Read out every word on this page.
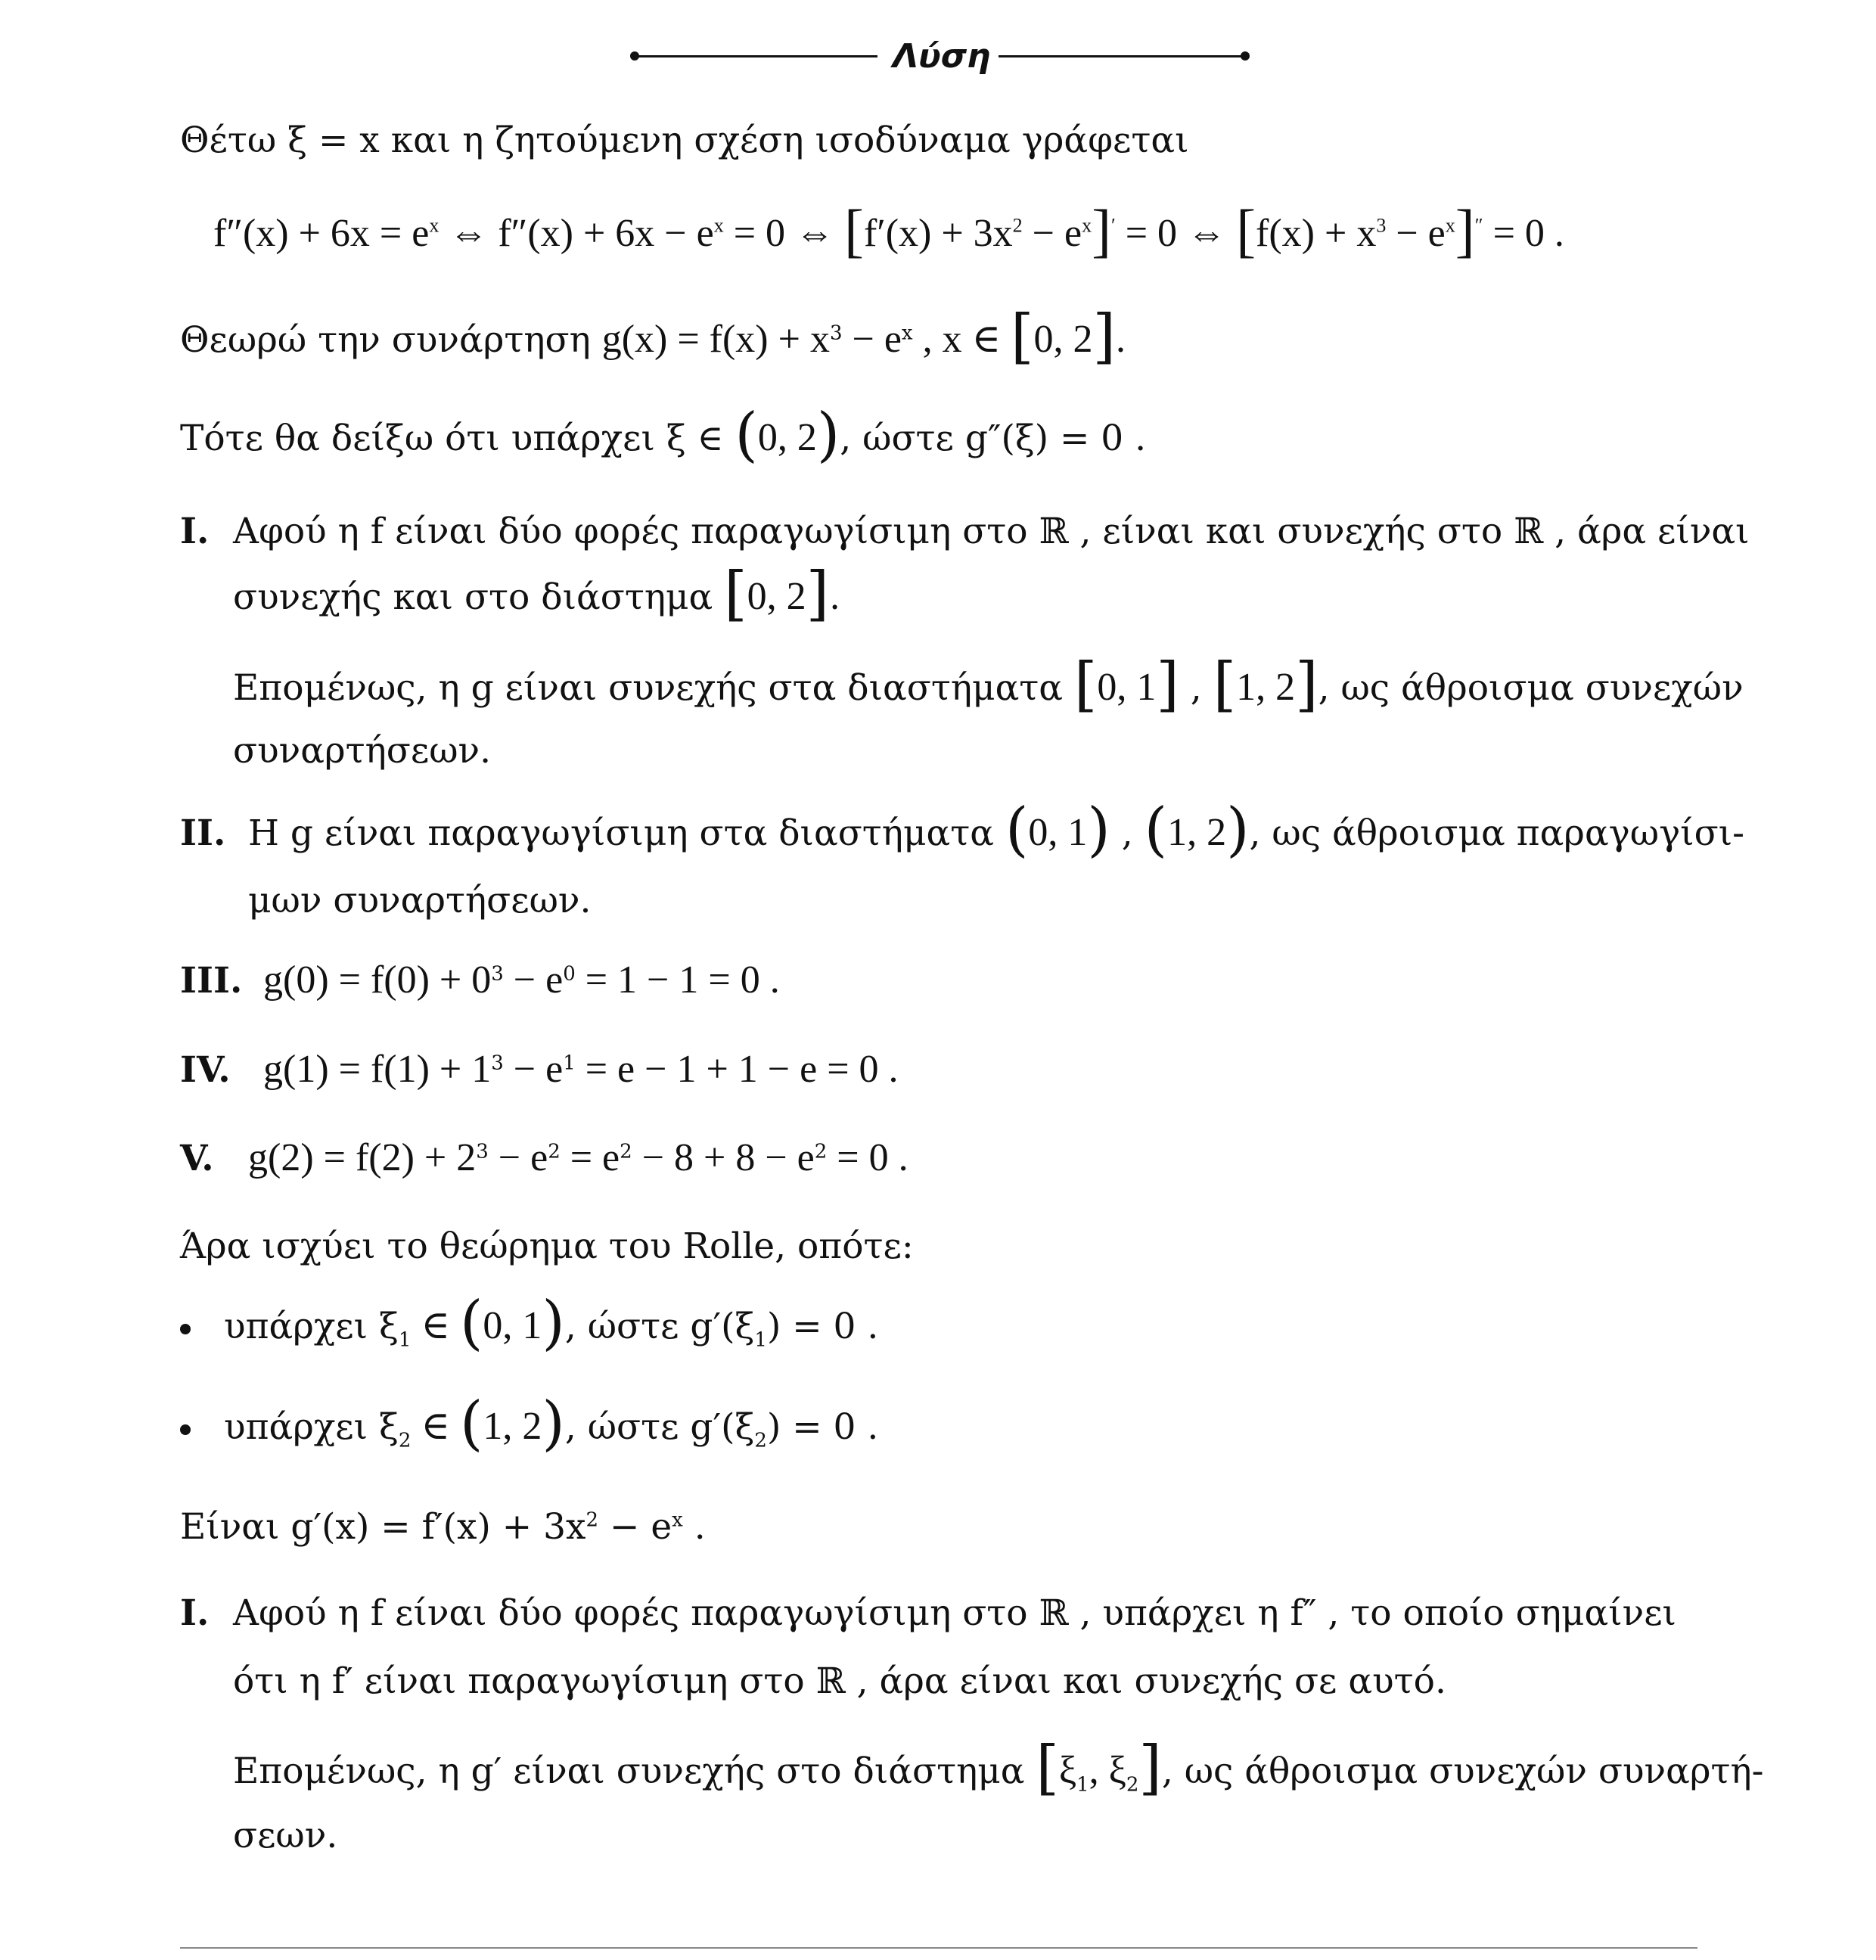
Λύση
Θέτω ξ = x και η ζητούμενη σχέση ισοδύναμα γράφεται
$f''(x) + 6x = e^x$ ⇔ $f''(x) + 6x - e^x = 0$ ⇔ $[f'(x) + 3x^2 - e^x]' = 0$ ⇔ $[f(x) + x^3 - e^x]'' = 0$ .
Θεωρώ την συνάρτηση $g(x) = f(x) + x^3 - e^x$ , x ∈ [0, 2].
Τότε θα δείξω ότι υπάρχει ξ ∈ (0, 2), ώστε g″(ξ) = 0 .
I. Αφού η f είναι δύο φορές παραγωγίσιμη στο ℝ , είναι και συνεχής στο ℝ , άρα είναι
συνεχής και στο διάστημα [0, 2].
Επομένως, η g είναι συνεχής στα διαστήματα [0, 1] , [1, 2], ως άθροισμα συνεχών
συναρτήσεων.
II. Η g είναι παραγωγίσιμη στα διαστήματα (0, 1) , (1, 2), ως άθροισμα παραγωγίσι-
μων συναρτήσεων.
III. $g(0) = f(0) + 0^3 - e^0 = 1 - 1 = 0$ .
IV. $g(1) = f(1) + 1^3 - e^1 = e - 1 + 1 - e = 0$ .
V. $g(2) = f(2) + 2^3 - e^2 = e^2 - 8 + 8 - e^2 = 0$ .
Άρα ισχύει το θεώρημα του Rolle, οπότε:
υπάρχει $\xi_1$ ∈ (0, 1), ώστε $g'(\xi_1) = 0$ .
υπάρχει $\xi_2$ ∈ (1, 2), ώστε $g'(\xi_2) = 0$ .
Είναι $g'(x) = f'(x) + 3x^2 - e^x$ .
I. Αφού η f είναι δύο φορές παραγωγίσιμη στο ℝ , υπάρχει η f″ , το οποίο σημαίνει
ότι η f′ είναι παραγωγίσιμη στο ℝ , άρα είναι και συνεχής σε αυτό.
Επομένως, η g′ είναι συνεχής στο διάστημα [$\xi_1$, $\xi_2$], ως άθροισμα συνεχών συναρτή-
σεων.
